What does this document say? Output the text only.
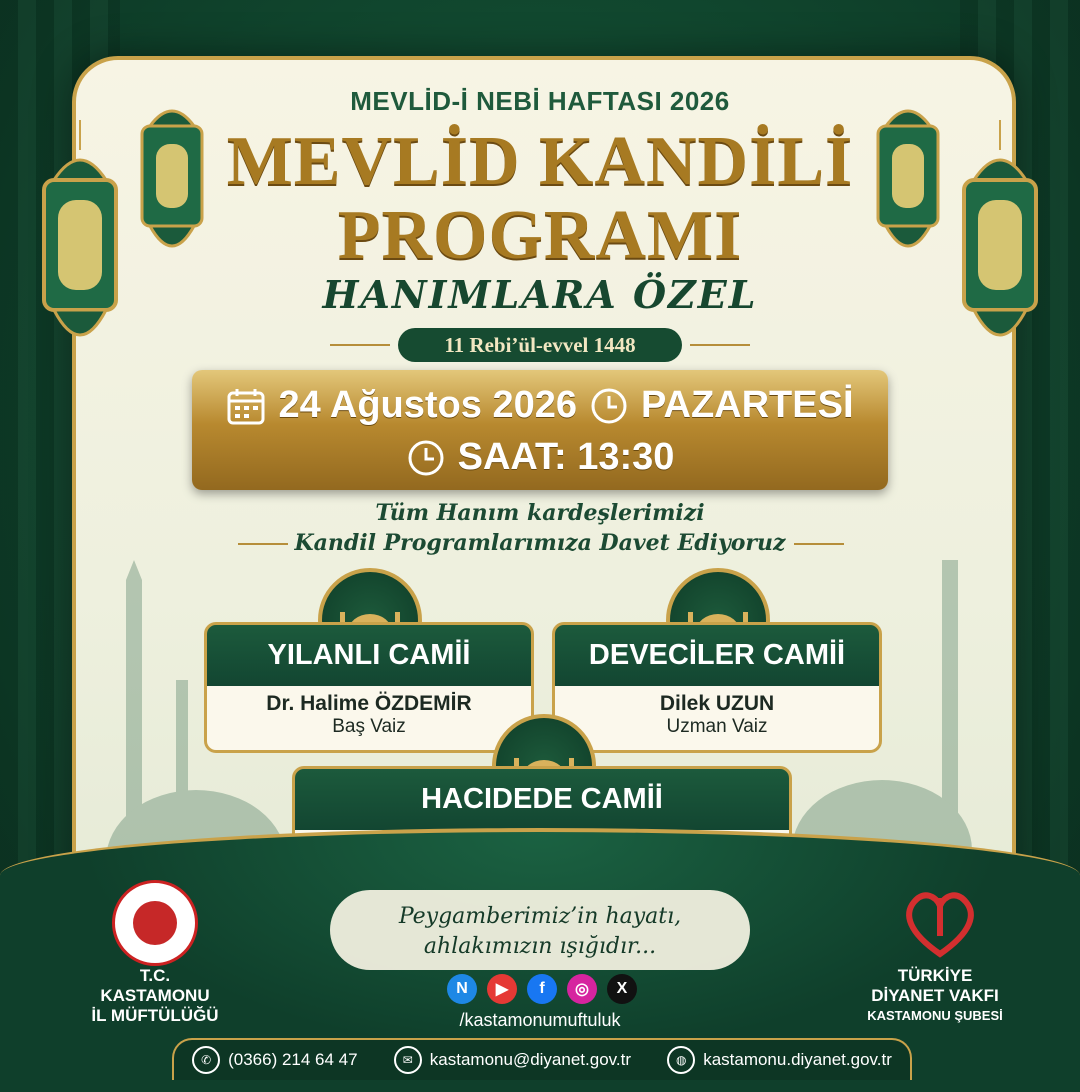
MEVLİD-İ NEBİ HAFTASI 2026
MEVLİD KANDİLİ
PROGRAMI
HANIMLARA ÖZEL
11 Rebi’ül-evvel 1448
24 Ağustos 2026 PAZARTESİ
SAAT: 13:30
Tüm Hanım kardeşlerimizi
Kandil Programlarımıza Davet Ediyoruz
YILANLI CAMİİ
Dr. Halime ÖZDEMİR
Baş Vaiz
DEVECİLER CAMİİ
Dilek UZUN
Uzman Vaiz
HACIDEDE CAMİİ
Peygamberimiz’in hayatı,
ahlakımızın ışığıdır...
T.C.
KASTAMONU
İL MÜFTÜLÜĞÜ
TÜRKİYE
DİYANET VAKFI
KASTAMONU ŞUBESİ
N	▶	f	◎	X
/kastamonumuftuluk
✆ (0366) 214 64 47	✉ kastamonu@diyanet.gov.tr	◍ kastamonu.diyanet.gov.tr
